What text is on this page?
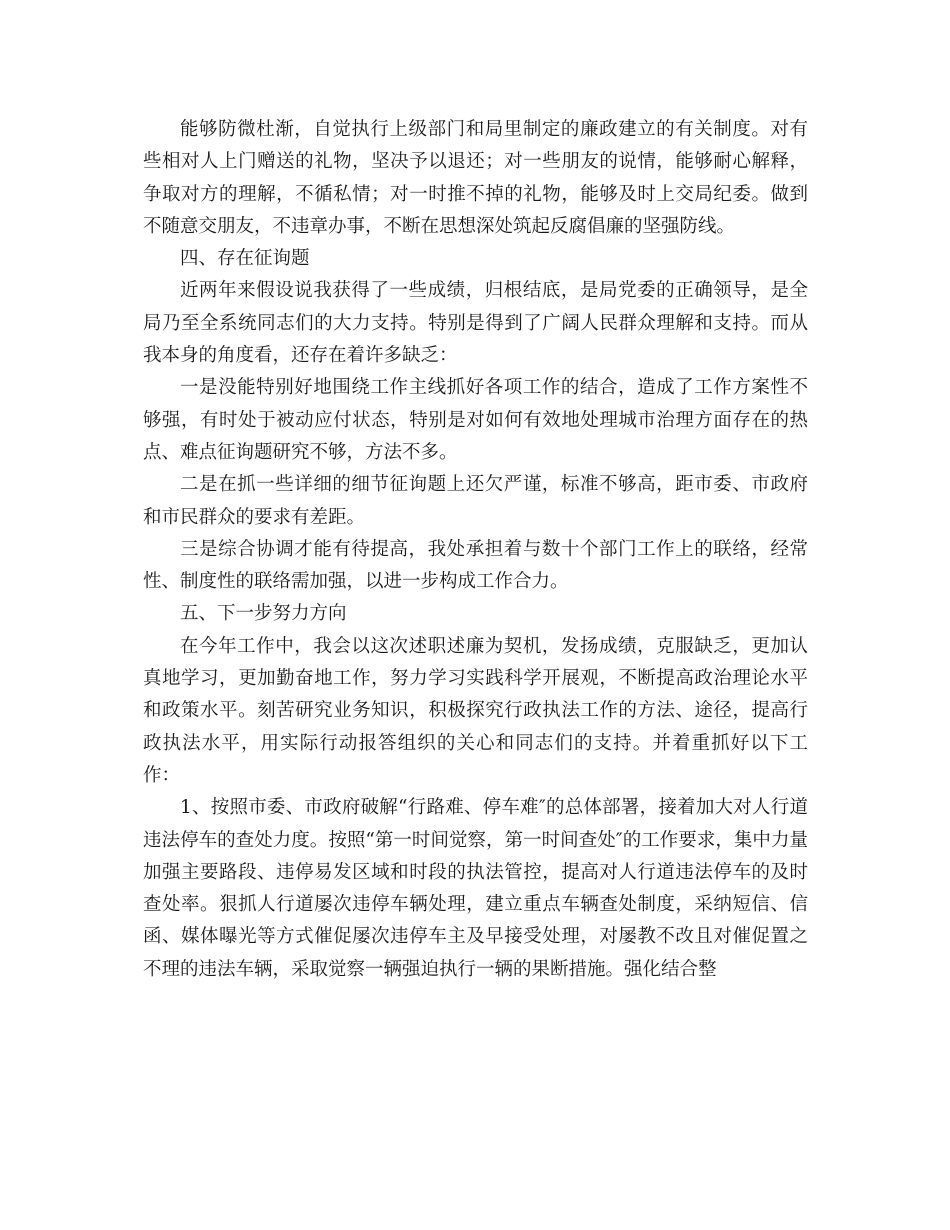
能够防微杜渐，自觉执行上级部门和局里制定的廉政建立的有关制度。对有些相对人上门赠送的礼物，坚决予以退还；对一些朋友的说情，能够耐心解释，争取对方的理解，不循私情；对一时推不掉的礼物，能够及时上交局纪委。做到不随意交朋友，不违章办事，不断在思想深处筑起反腐倡廉的坚强防线。

四、存在征询题

近两年来假设说我获得了一些成绩，归根结底，是局党委的正确领导，是全局乃至全系统同志们的大力支持。特别是得到了广阔人民群众理解和支持。而从我本身的角度看，还存在着许多缺乏：

一是没能特别好地围绕工作主线抓好各项工作的结合，造成了工作方案性不够强，有时处于被动应付状态，特别是对如何有效地处理城市治理方面存在的热点、难点征询题研究不够，方法不多。

二是在抓一些详细的细节征询题上还欠严谨，标准不够高，距市委、市政府和市民群众的要求有差距。

三是综合协调才能有待提高，我处承担着与数十个部门工作上的联络，经常性、制度性的联络需加强，以进一步构成工作合力。

五、下一步努力方向

在今年工作中，我会以这次述职述廉为契机，发扬成绩，克服缺乏，更加认真地学习，更加勤奋地工作，努力学习实践科学开展观，不断提高政治理论水平和政策水平。刻苦研究业务知识，积极探究行政执法工作的方法、途径，提高行政执法水平，用实际行动报答组织的关心和同志们的支持。并着重抓好以下工作：

1、按照市委、市政府破解“行路难、停车难″的总体部署，接着加大对人行道违法停车的查处力度。按照“第一时间觉察，第一时间查处″的工作要求，集中力量加强主要路段、违停易发区域和时段的执法管控，提高对人行道违法停车的及时查处率。狠抓人行道屡次违停车辆处理，建立重点车辆查处制度，采纳短信、信函、媒体曝光等方式催促屡次违停车主及早接受处理，对屡教不改且对催促置之不理的违法车辆，采取觉察一辆强迫执行一辆的果断措施。强化结合整
